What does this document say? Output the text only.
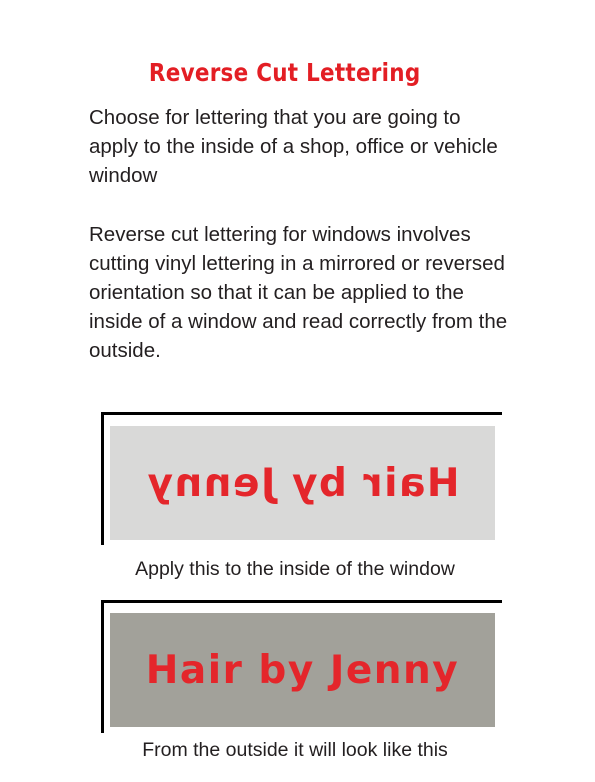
Reverse Cut Lettering

Choose for lettering that you are going to apply to the inside of a shop, office or vehicle window

Reverse cut lettering for windows involves cutting vinyl lettering in a mirrored or reversed orientation so that it can be applied to the inside of a window and read correctly from the outside.

Hair by Jenny
Apply this to the inside of the window
Hair by Jenny
From the outside it will look like this
